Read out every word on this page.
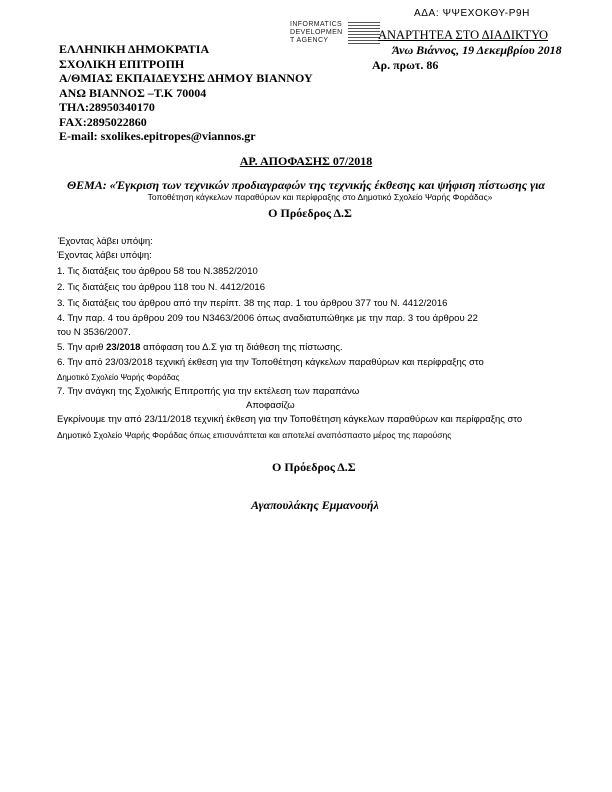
ΑΔΑ: ΨΨΕΧΟΚΘΥ-Ρ9Η
INFORMATICS
DEVELOPMEN
T AGENCY
ΕΛΛΗΝΙΚΗ ΔΗΜΟΚΡΑΤΙΑ
ΣΧΟΛΙΚΗ ΕΠΙΤΡΟΠΗ
Α/ΘΜΙΑΣ ΕΚΠΑΙΔΕΥΣΗΣ ΔΗΜΟΥ ΒΙΑΝΝΟΥ
ΑΝΩ ΒΙΑΝΝΟΣ –Τ.Κ 70004
ΤΗΛ:28950340170
FAX:2895022860
E-mail: sxolikes.epitropes@viannos.gr
ΑΝΑΡΤΗΤΕΑ ΣΤΟ ΔΙΑΔΙΚΤΥΟ
Άνω Βιάννος, 19 Δεκεμβρίου 2018
Αρ. πρωτ. 86
ΑΡ. ΑΠΟΦΑΣΗΣ 07/2018
ΘΕΜΑ: «Έγκριση των τεχνικών προδιαγραφών της τεχνικής έκθεσης και ψήφιση πίστωσης για
Τοποθέτηση κάγκελων παραθύρων και περίφραξης στο Δημοτικό Σχολείο Ψαρής Φοράδας»
Ο Πρόεδρος Δ.Σ
Έχοντας λάβει υπόψη:
Έχοντας λάβει υπόψη:
1. Τις διατάξεις του άρθρου 58 του Ν.3852/2010
2. Τις διατάξεις του άρθρου 118 του Ν. 4412/2016
3. Τις διατάξεις του άρθρου από την περίπτ. 38 της παρ. 1 του άρθρου 377 του Ν. 4412/2016
4. Την παρ. 4 του άρθρου 209 του Ν3463/2006 όπως αναδιατυπώθηκε με την παρ. 3 του άρθρου 22
του Ν 3536/2007.
5. Την αριθ 23/2018 απόφαση του Δ.Σ για τη διάθεση της πίστωσης.
6. Την από 23/03/2018 τεχνική έκθεση για την Τοποθέτηση κάγκελων παραθύρων και περίφραξης στο
Δημοτικό Σχολείο Ψαρής Φοράδας
7. Την ανάγκη της Σχολικής Επιτροπής για την εκτέλεση των παραπάνω
Αποφασίζω
Εγκρίνουμε την από 23/11/2018 τεχνική έκθεση για την Τοποθέτηση κάγκελων παραθύρων και περίφραξης στο
Δημοτικό Σχολείο Ψαρής Φοράδας όπως επισυνάπτεται και αποτελεί αναπόσπαστο μέρος της παρούσης
Ο Πρόεδρος Δ.Σ
Αγαπουλάκης Εμμανουήλ
